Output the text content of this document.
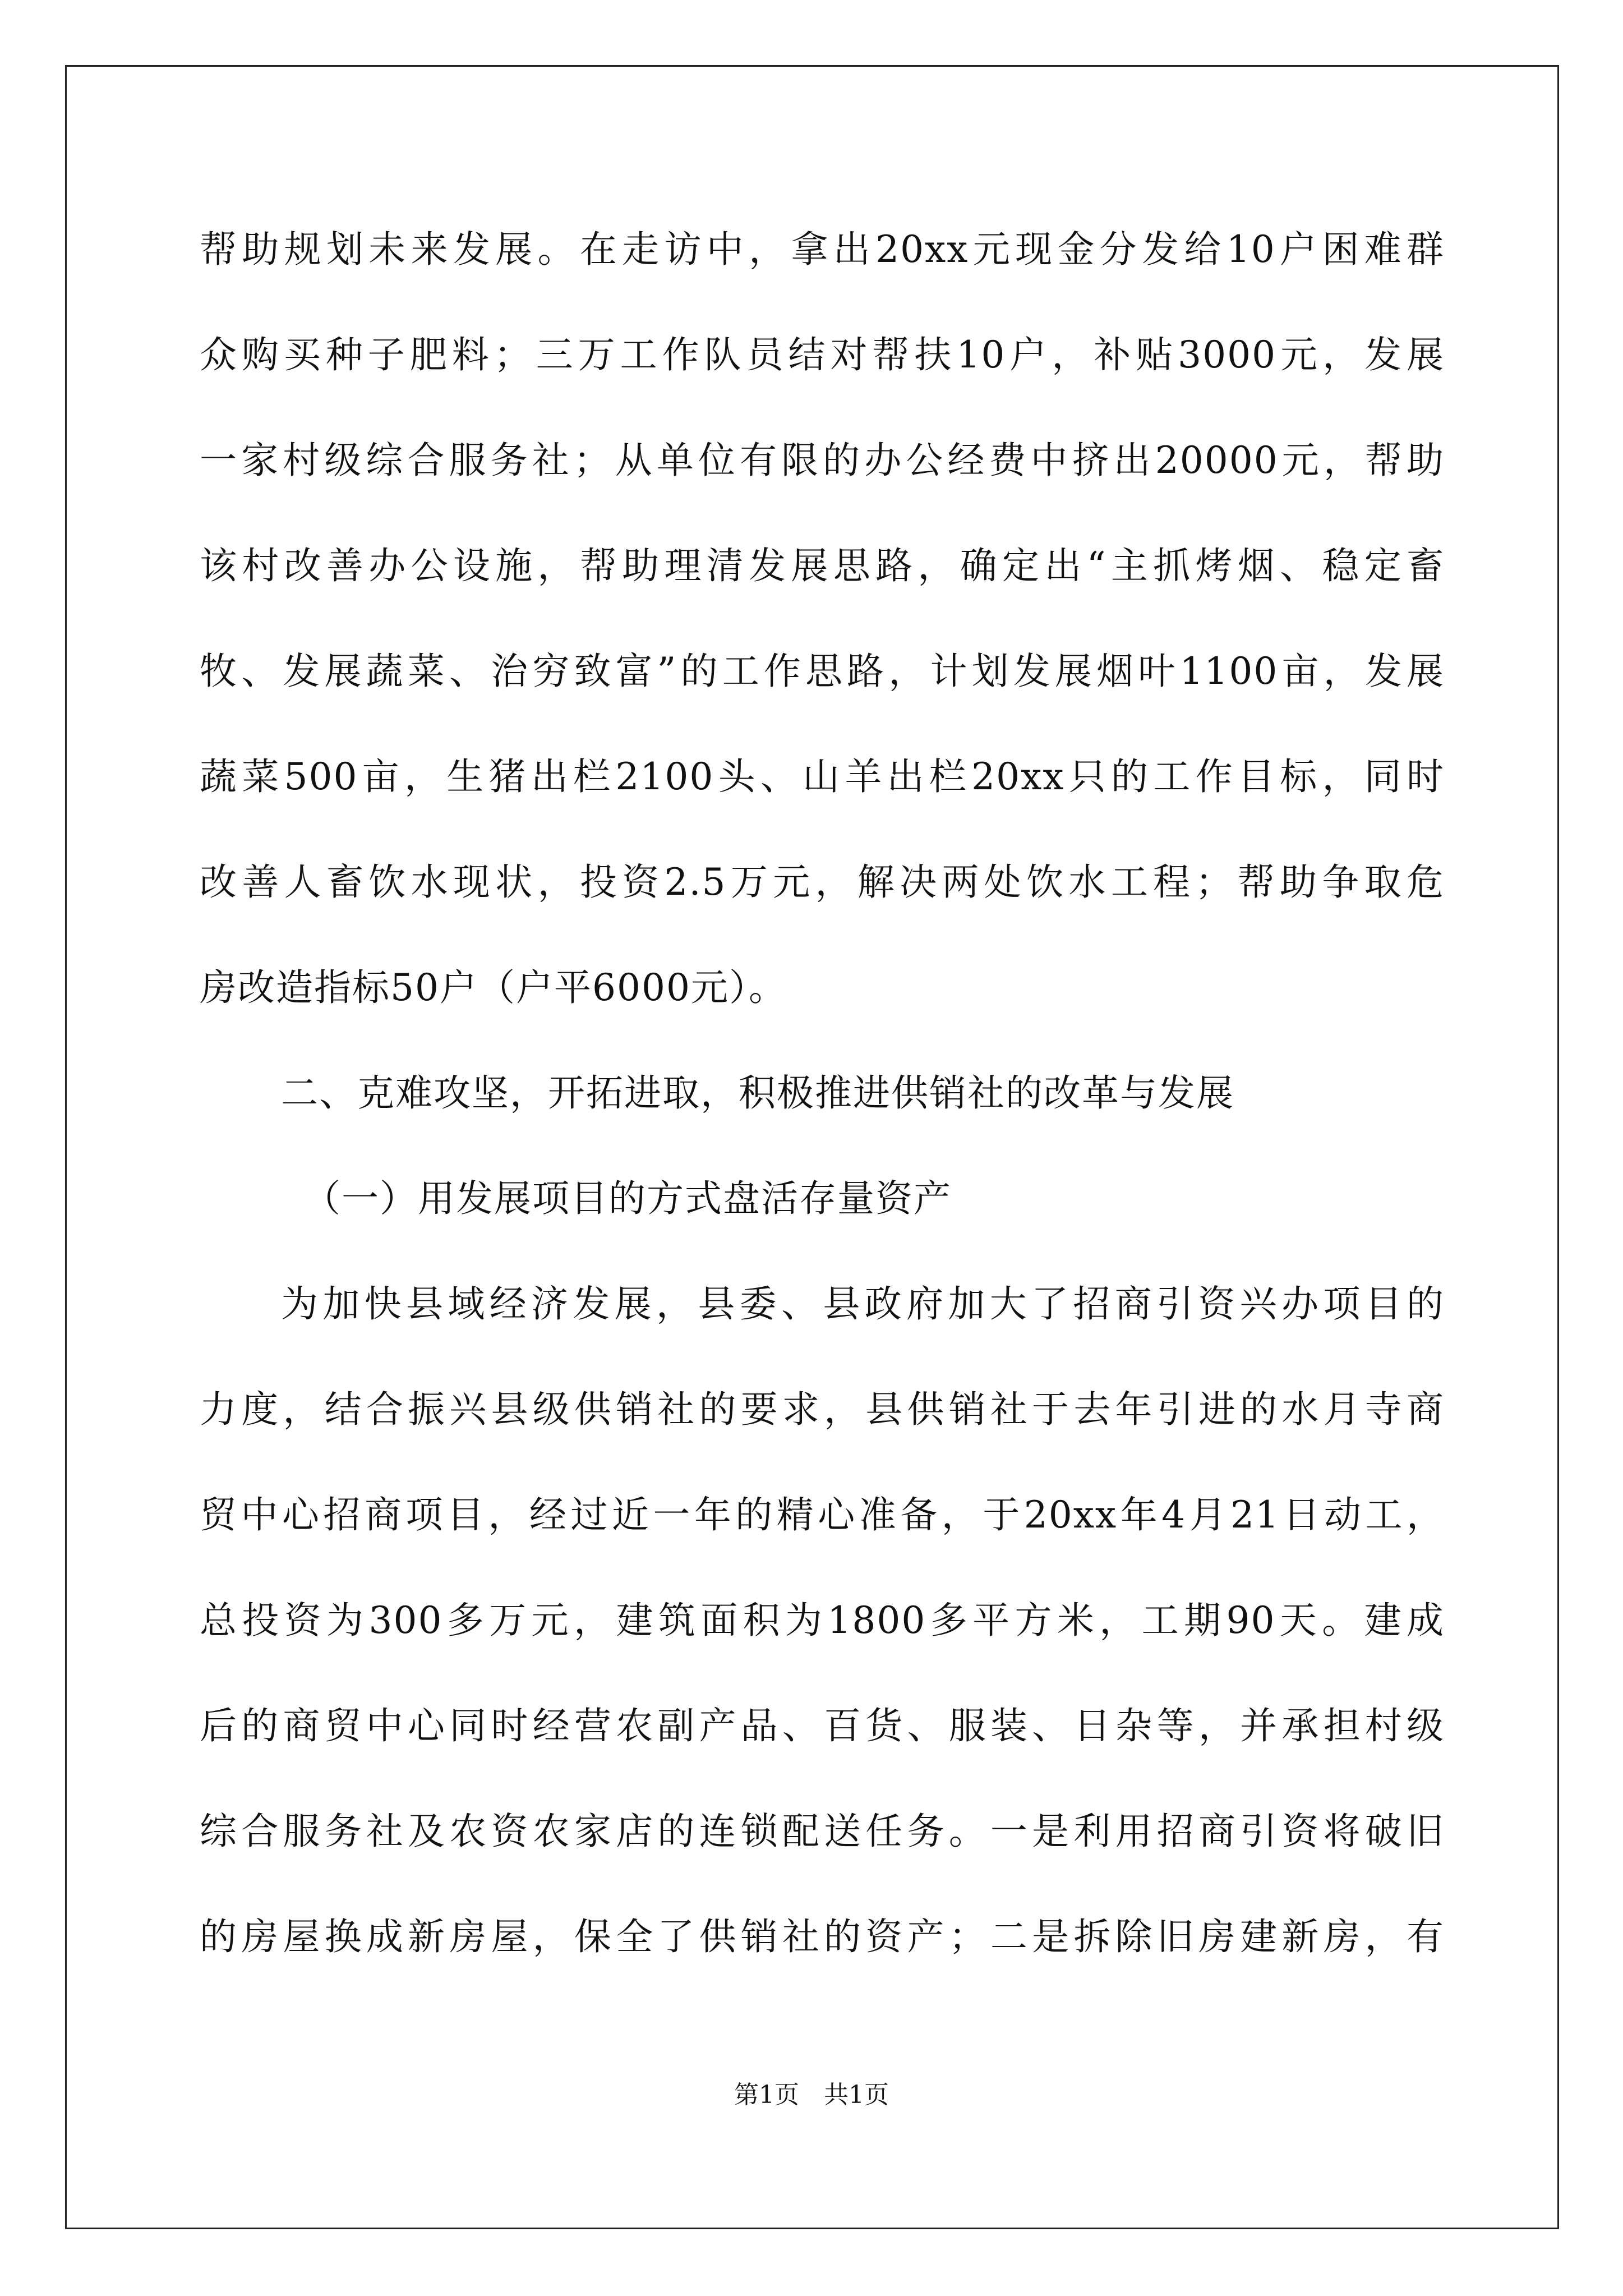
帮助规划未来发展。在走访中，拿出20xx元现金分发给10户困难群
众购买种子肥料；三万工作队员结对帮扶10户，补贴3000元，发展
一家村级综合服务社；从单位有限的办公经费中挤出20000元，帮助
该村改善办公设施，帮助理清发展思路，确定出“主抓烤烟、稳定畜
牧、发展蔬菜、治穷致富”的工作思路，计划发展烟叶1100亩，发展
蔬菜500亩，生猪出栏2100头、山羊出栏20xx只的工作目标，同时
改善人畜饮水现状，投资2.5万元，解决两处饮水工程；帮助争取危
房改造指标50户（户平6000元）。
二、克难攻坚，开拓进取，积极推进供销社的改革与发展
（一）用发展项目的方式盘活存量资产
为加快县域经济发展，县委、县政府加大了招商引资兴办项目的
力度，结合振兴县级供销社的要求，县供销社于去年引进的水月寺商
贸中心招商项目，经过近一年的精心准备，于20xx年4月21日动工，
总投资为300多万元，建筑面积为1800多平方米，工期90天。建成
后的商贸中心同时经营农副产品、百货、服装、日杂等，并承担村级
综合服务社及农资农家店的连锁配送任务。一是利用招商引资将破旧
的房屋换成新房屋，保全了供销社的资产；二是拆除旧房建新房，有
第1页　共1页
